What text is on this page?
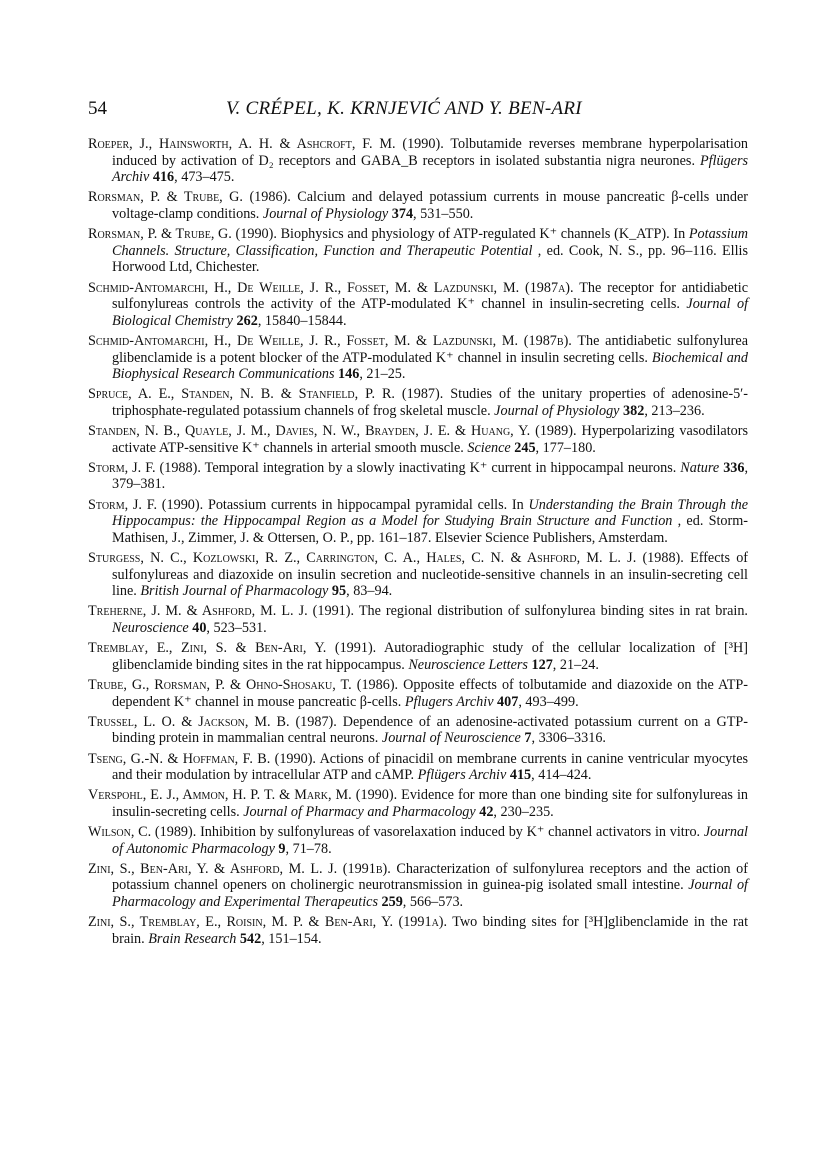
54	V. CRÉPEL, K. KRNJEVIĆ AND Y. BEN-ARI

Roeper, J., Hainsworth, A. H. & Ashcroft, F. M. (1990). Tolbutamide reverses membrane hyperpolarisation induced by activation of D₂ receptors and GABA_B receptors in isolated substantia nigra neurones. Pflügers Archiv 416, 473–475.

Rorsman, P. & Trube, G. (1986). Calcium and delayed potassium currents in mouse pancreatic β-cells under voltage-clamp conditions. Journal of Physiology 374, 531–550.

Rorsman, P. & Trube, G. (1990). Biophysics and physiology of ATP-regulated K⁺ channels (K_ATP). In Potassium Channels. Structure, Classification, Function and Therapeutic Potential , ed. Cook, N. S., pp. 96–116. Ellis Horwood Ltd, Chichester.

Schmid-Antomarchi, H., De Weille, J. R., Fosset, M. & Lazdunski, M. (1987a). The receptor for antidiabetic sulfonylureas controls the activity of the ATP-modulated K⁺ channel in insulin-secreting cells. Journal of Biological Chemistry 262, 15840–15844.

Schmid-Antomarchi, H., De Weille, J. R., Fosset, M. & Lazdunski, M. (1987b). The antidiabetic sulfonylurea glibenclamide is a potent blocker of the ATP-modulated K⁺ channel in insulin secreting cells. Biochemical and Biophysical Research Communications 146, 21–25.

Spruce, A. E., Standen, N. B. & Stanfield, P. R. (1987). Studies of the unitary properties of adenosine-5′-triphosphate-regulated potassium channels of frog skeletal muscle. Journal of Physiology 382, 213–236.

Standen, N. B., Quayle, J. M., Davies, N. W., Brayden, J. E. & Huang, Y. (1989). Hyperpolarizing vasodilators activate ATP-sensitive K⁺ channels in arterial smooth muscle. Science 245, 177–180.

Storm, J. F. (1988). Temporal integration by a slowly inactivating K⁺ current in hippocampal neurons. Nature 336, 379–381.

Storm, J. F. (1990). Potassium currents in hippocampal pyramidal cells. In Understanding the Brain Through the Hippocampus: the Hippocampal Region as a Model for Studying Brain Structure and Function , ed. Storm-Mathisen, J., Zimmer, J. & Ottersen, O. P., pp. 161–187. Elsevier Science Publishers, Amsterdam.

Sturgess, N. C., Kozlowski, R. Z., Carrington, C. A., Hales, C. N. & Ashford, M. L. J. (1988). Effects of sulfonylureas and diazoxide on insulin secretion and nucleotide-sensitive channels in an insulin-secreting cell line. British Journal of Pharmacology 95, 83–94.

Treherne, J. M. & Ashford, M. L. J. (1991). The regional distribution of sulfonylurea binding sites in rat brain. Neuroscience 40, 523–531.

Tremblay, E., Zini, S. & Ben-Ari, Y. (1991). Autoradiographic study of the cellular localization of [³H] glibenclamide binding sites in the rat hippocampus. Neuroscience Letters 127, 21–24.

Trube, G., Rorsman, P. & Ohno-Shosaku, T. (1986). Opposite effects of tolbutamide and diazoxide on the ATP-dependent K⁺ channel in mouse pancreatic β-cells. Pflugers Archiv 407, 493–499.

Trussel, L. O. & Jackson, M. B. (1987). Dependence of an adenosine-activated potassium current on a GTP-binding protein in mammalian central neurons. Journal of Neuroscience 7, 3306–3316.

Tseng, G.-N. & Hoffman, F. B. (1990). Actions of pinacidil on membrane currents in canine ventricular myocytes and their modulation by intracellular ATP and cAMP. Pflügers Archiv 415, 414–424.

Verspohl, E. J., Ammon, H. P. T. & Mark, M. (1990). Evidence for more than one binding site for sulfonylureas in insulin-secreting cells. Journal of Pharmacy and Pharmacology 42, 230–235.

Wilson, C. (1989). Inhibition by sulfonylureas of vasorelaxation induced by K⁺ channel activators in vitro. Journal of Autonomic Pharmacology 9, 71–78.

Zini, S., Ben-Ari, Y. & Ashford, M. L. J. (1991b). Characterization of sulfonylurea receptors and the action of potassium channel openers on cholinergic neurotransmission in guinea-pig isolated small intestine. Journal of Pharmacology and Experimental Therapeutics 259, 566–573.

Zini, S., Tremblay, E., Roisin, M. P. & Ben-Ari, Y. (1991a). Two binding sites for [³H]glibenclamide in the rat brain. Brain Research 542, 151–154.
